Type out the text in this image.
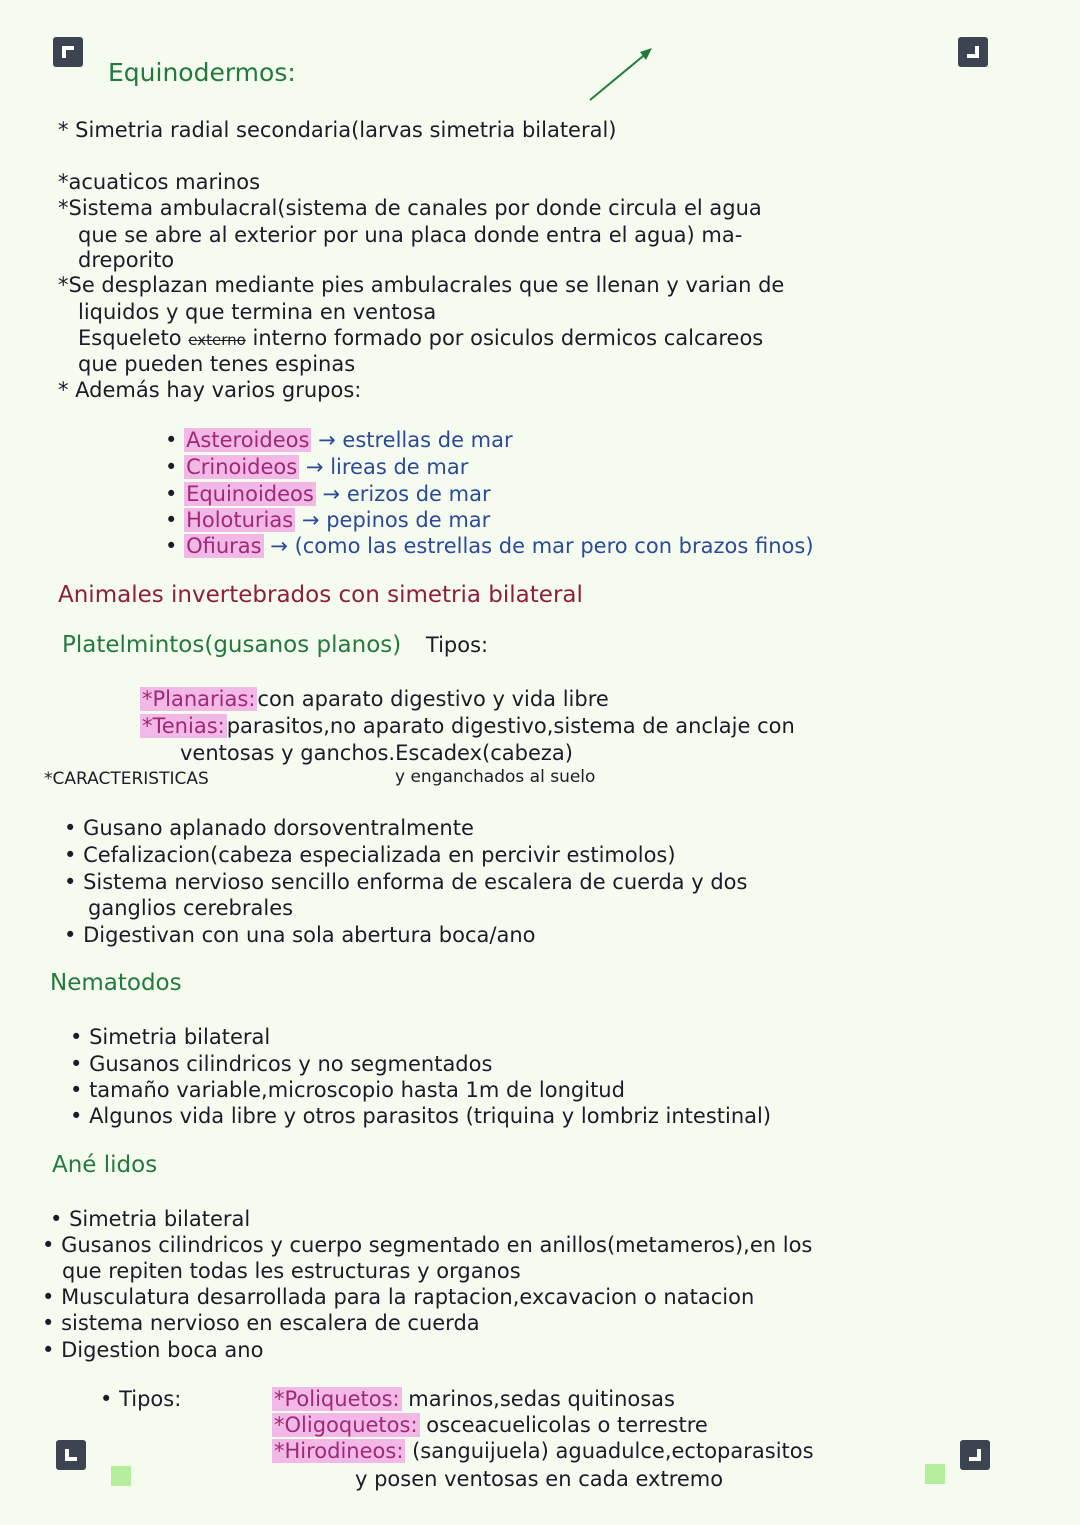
Equinodermos:
* Simetria radial secondaria(larvas simetria bilateral)
*acuaticos marinos
*Sistema ambulacral(sistema de canales por donde circula el agua
que se abre al exterior por una placa donde entra el agua) ma-
dreporito
*Se desplazan mediante pies ambulacrales que se llenan y varian de
liquidos y que termina en ventosa
Esqueleto externo interno formado por osiculos dermicos calcareos
que pueden tenes espinas
* Además hay varios grupos:
• Asteroideos → estrellas de mar
• Crinoideos → lireas de mar
• Equinoideos → erizos de mar
• Holoturias → pepinos de mar
• Ofiuras → (como las estrellas de mar pero con brazos finos)
Animales invertebrados con simetria bilateral
Platelmintos(gusanos planos) Tipos:
*Planarias:con aparato digestivo y vida libre
*Tenias:parasitos,no aparato digestivo,sistema de anclaje con
ventosas y ganchos.Escadex(cabeza)
*CARACTERISTICAS	y enganchados al suelo
• Gusano aplanado dorsoventralmente
• Cefalizacion(cabeza especializada en percivir estimolos)
• Sistema nervioso sencillo enforma de escalera de cuerda y dos
ganglios cerebrales
• Digestivan con una sola abertura boca/ano
Nematodos
• Simetria bilateral
• Gusanos cilindricos y no segmentados
• tamaño variable,microscopio hasta 1m de longitud
• Algunos vida libre y otros parasitos (triquina y lombriz intestinal)
Ané lidos
• Simetria bilateral
• Gusanos cilindricos y cuerpo segmentado en anillos(metameros),en los
que repiten todas les estructuras y organos
• Musculatura desarrollada para la raptacion,excavacion o natacion
• sistema nervioso en escalera de cuerda
• Digestion boca ano
• Tipos:	*Poliquetos: marinos,sedas quitinosas
*Oligoquetos: osceacuelicolas o terrestre
*Hirodineos: (sanguijuela) aguadulce,ectoparasitos
y posen ventosas en cada extremo
